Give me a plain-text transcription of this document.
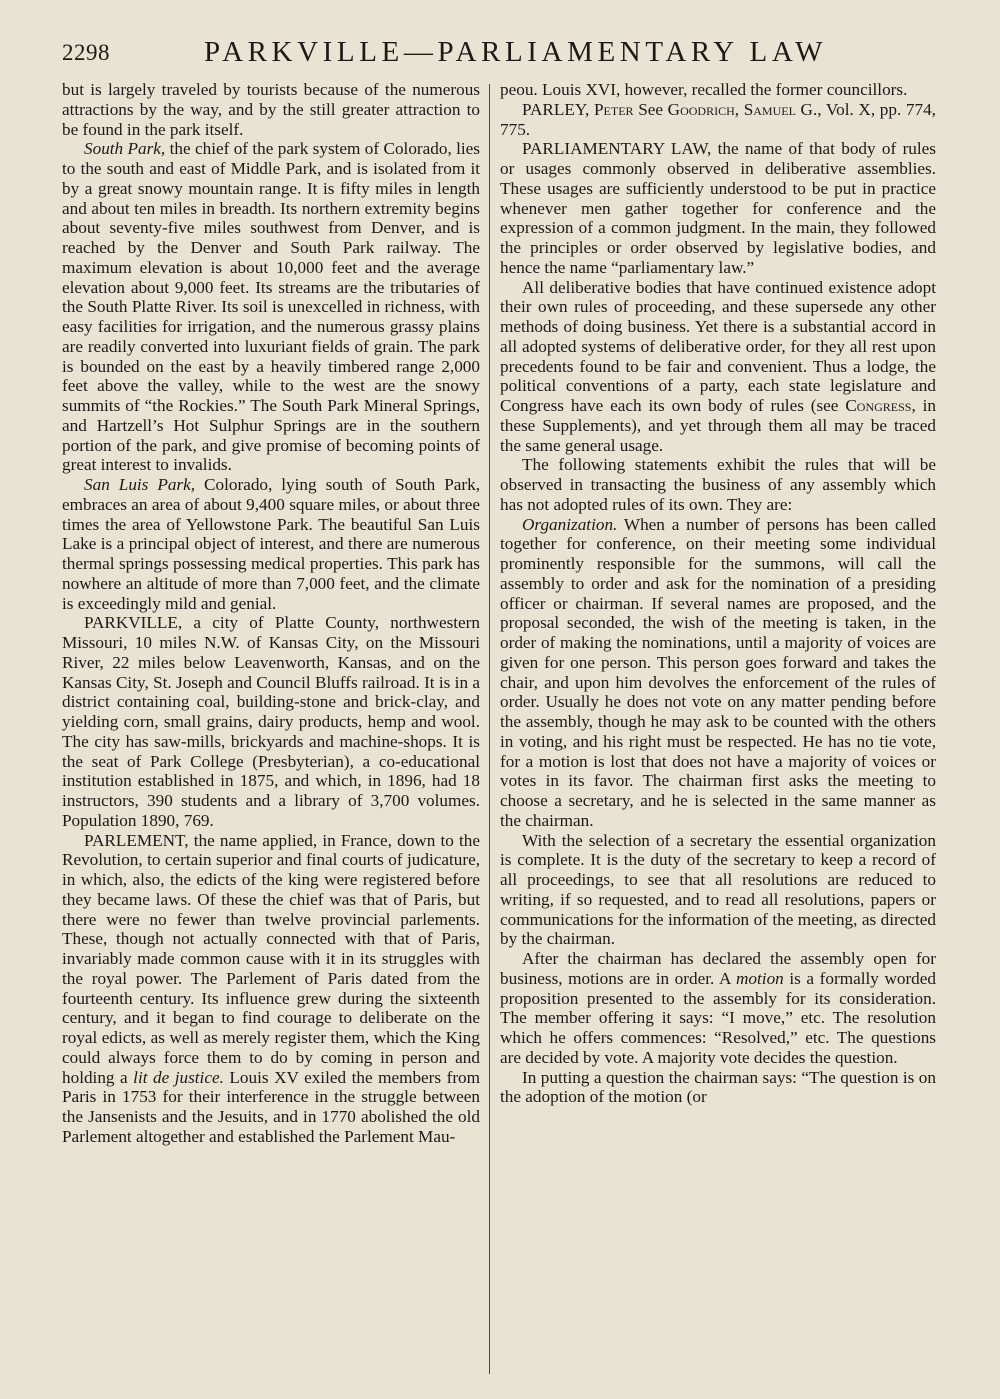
2298	PARKVILLE—PARLIAMENTARY LAW

but is largely traveled by tourists because of the numerous attractions by the way, and by the still greater attraction to be found in the park itself.

South Park, the chief of the park system of Colorado, lies to the south and east of Middle Park, and is isolated from it by a great snowy mountain range. It is fifty miles in length and about ten miles in breadth. Its northern extremity begins about seventy-five miles southwest from Denver, and is reached by the Denver and South Park railway. The maximum elevation is about 10,000 feet and the average elevation about 9,000 feet. Its streams are the tributaries of the South Platte River. Its soil is unexcelled in richness, with easy facilities for irrigation, and the numerous grassy plains are readily converted into luxuriant fields of grain. The park is bounded on the east by a heavily timbered range 2,000 feet above the valley, while to the west are the snowy summits of “the Rockies.” The South Park Mineral Springs, and Hartzell’s Hot Sulphur Springs are in the southern portion of the park, and give promise of becoming points of great interest to invalids.

San Luis Park, Colorado, lying south of South Park, embraces an area of about 9,400 square miles, or about three times the area of Yellowstone Park. The beautiful San Luis Lake is a principal object of interest, and there are numerous thermal springs possessing medical properties. This park has nowhere an altitude of more than 7,000 feet, and the climate is exceedingly mild and genial.

PARKVILLE, a city of Platte County, northwestern Missouri, 10 miles N.W. of Kansas City, on the Missouri River, 22 miles below Leavenworth, Kansas, and on the Kansas City, St. Joseph and Council Bluffs railroad. It is in a district containing coal, building-stone and brick-clay, and yielding corn, small grains, dairy products, hemp and wool. The city has saw-mills, brickyards and machine-shops. It is the seat of Park College (Presbyterian), a co-educational institution established in 1875, and which, in 1896, had 18 instructors, 390 students and a library of 3,700 volumes. Population 1890, 769.

PARLEMENT, the name applied, in France, down to the Revolution, to certain superior and final courts of judicature, in which, also, the edicts of the king were registered before they became laws. Of these the chief was that of Paris, but there were no fewer than twelve provincial parlements. These, though not actually connected with that of Paris, invariably made common cause with it in its struggles with the royal power. The Parlement of Paris dated from the fourteenth century. Its influence grew during the sixteenth century, and it began to find courage to deliberate on the royal edicts, as well as merely register them, which the King could always force them to do by coming in person and holding a lit de justice. Louis XV exiled the members from Paris in 1753 for their interference in the struggle between the Jansenists and the Jesuits, and in 1770 abolished the old Parlement altogether and established the Parlement Mau-

peou. Louis XVI, however, recalled the former councillors.

PARLEY, Peter See Goodrich, Samuel G., Vol. X, pp. 774, 775.

PARLIAMENTARY LAW, the name of that body of rules or usages commonly observed in deliberative assemblies. These usages are sufficiently understood to be put in practice whenever men gather together for conference and the expression of a common judgment. In the main, they followed the principles or order observed by legislative bodies, and hence the name “parliamentary law.”

All deliberative bodies that have continued existence adopt their own rules of proceeding, and these supersede any other methods of doing business. Yet there is a substantial accord in all adopted systems of deliberative order, for they all rest upon precedents found to be fair and convenient. Thus a lodge, the political conventions of a party, each state legislature and Congress have each its own body of rules (see Congress, in these Supplements), and yet through them all may be traced the same general usage.

The following statements exhibit the rules that will be observed in transacting the business of any assembly which has not adopted rules of its own. They are:

Organization. When a number of persons has been called together for conference, on their meeting some individual prominently responsible for the summons, will call the assembly to order and ask for the nomination of a presiding officer or chairman. If several names are proposed, and the proposal seconded, the wish of the meeting is taken, in the order of making the nominations, until a majority of voices are given for one person. This person goes forward and takes the chair, and upon him devolves the enforcement of the rules of order. Usually he does not vote on any matter pending before the assembly, though he may ask to be counted with the others in voting, and his right must be respected. He has no tie vote, for a motion is lost that does not have a majority of voices or votes in its favor. The chairman first asks the meeting to choose a secretary, and he is selected in the same manner as the chairman.

With the selection of a secretary the essential organization is complete. It is the duty of the secretary to keep a record of all proceedings, to see that all resolutions are reduced to writing, if so requested, and to read all resolutions, papers or communications for the information of the meeting, as directed by the chairman.

After the chairman has declared the assembly open for business, motions are in order. A motion is a formally worded proposition presented to the assembly for its consideration. The member offering it says: “I move,” etc. The resolution which he offers commences: “Resolved,” etc. The questions are decided by vote. A majority vote decides the question.

In putting a question the chairman says: “The question is on the adoption of the motion (or
